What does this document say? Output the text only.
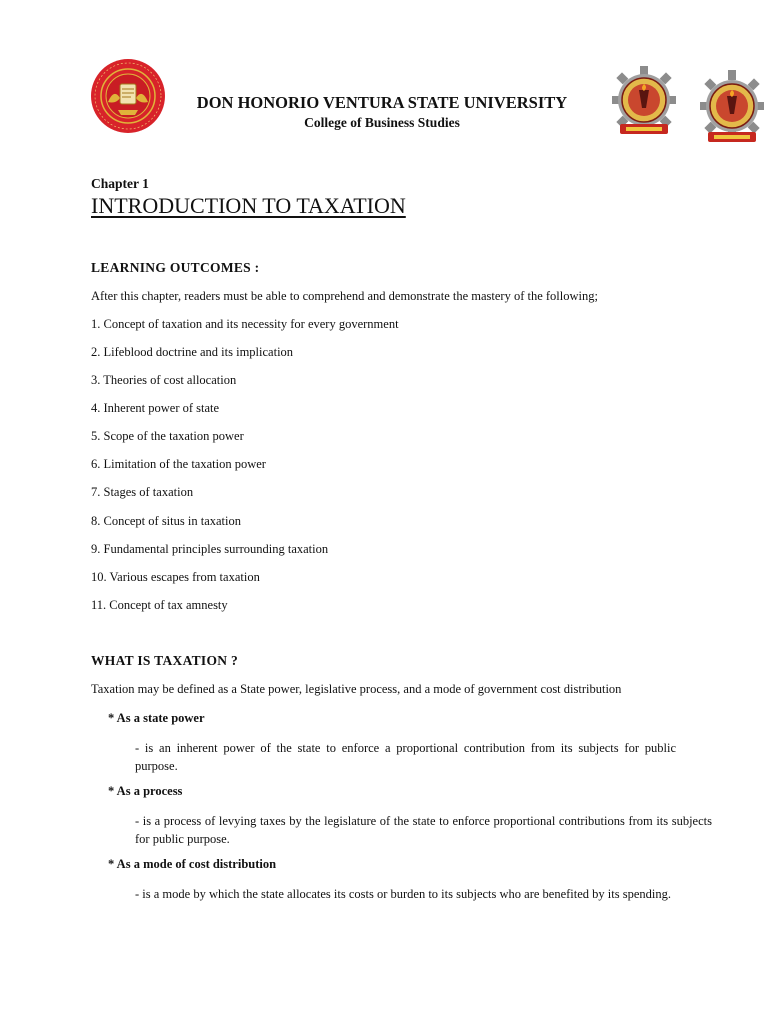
DON HONORIO VENTURA STATE UNIVERSITY
College of Business Studies
Chapter 1
INTRODUCTION TO TAXATION
LEARNING OUTCOMES :
After this chapter, readers must be able to comprehend and demonstrate the mastery of the following;
1. Concept of taxation and its necessity for every government
2. Lifeblood doctrine and its implication
3. Theories of cost allocation
4. Inherent power of state
5. Scope of the taxation power
6. Limitation of the taxation power
7. Stages of taxation
8. Concept of situs in taxation
9. Fundamental principles surrounding taxation
10. Various escapes from taxation
11. Concept of tax amnesty
WHAT IS TAXATION ?
Taxation may be defined as a State power, legislative process, and a mode of government cost distribution
* As a state power
- is an inherent power of the state to enforce a proportional contribution from its subjects for public purpose.
* As a process
- is a process of levying taxes by the legislature of the state to enforce proportional contributions from its subjects for public purpose.
* As a mode of cost distribution
- is a mode by which the state allocates its costs or burden to its subjects who are benefited by its spending.
